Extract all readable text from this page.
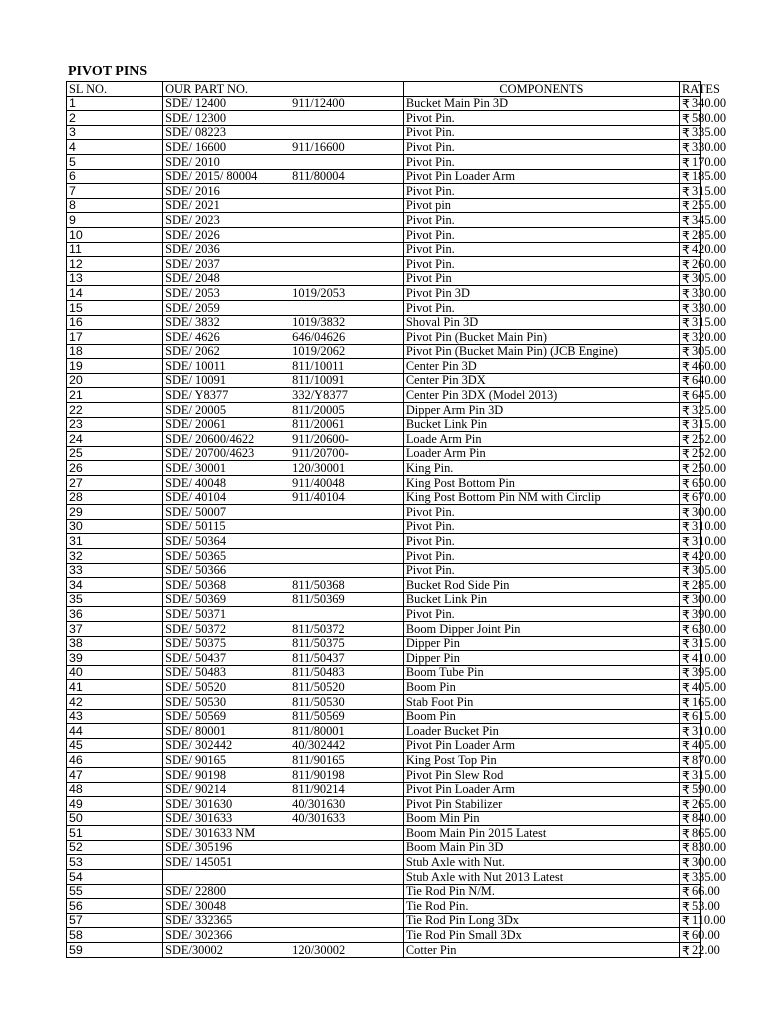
PIVOT PINS
SL NO.	OUR PART NO.		COMPONENTS	RATES	
1	SDE/ 12400	911/12400	Bucket Main Pin 3D	₹	340.00
2	SDE/ 12300		Pivot Pin.	₹	580.00
3	SDE/ 08223		Pivot Pin.	₹	335.00
4	SDE/ 16600	911/16600	Pivot Pin.	₹	330.00
5	SDE/ 2010		Pivot Pin.	₹	170.00
6	SDE/ 2015/ 80004	811/80004	Pivot Pin Loader Arm	₹	185.00
7	SDE/ 2016		Pivot Pin.	₹	315.00
8	SDE/ 2021		Pivot pin	₹	255.00
9	SDE/ 2023		Pivot Pin.	₹	345.00
10	SDE/ 2026		Pivot Pin.	₹	285.00
11	SDE/ 2036		Pivot Pin.	₹	420.00
12	SDE/ 2037		Pivot Pin.	₹	260.00
13	SDE/ 2048		Pivot Pin	₹	305.00
14	SDE/ 2053	1019/2053	Pivot Pin 3D	₹	330.00
15	SDE/ 2059		Pivot Pin.	₹	330.00
16	SDE/ 3832	1019/3832	Shoval Pin 3D	₹	315.00
17	SDE/ 4626	646/04626	Pivot Pin (Bucket Main Pin)	₹	320.00
18	SDE/ 2062	1019/2062	Pivot Pin (Bucket Main Pin) (JCB Engine)	₹	305.00
19	SDE/ 10011	811/10011	Center Pin 3D	₹	460.00
20	SDE/ 10091	811/10091	Center Pin 3DX	₹	640.00
21	SDE/ Y8377	332/Y8377	Center Pin 3DX (Model 2013)	₹	645.00
22	SDE/ 20005	811/20005	Dipper Arm Pin 3D	₹	325.00
23	SDE/ 20061	811/20061	Bucket Link Pin	₹	315.00
24	SDE/ 20600/4622	911/20600-	Loade Arm Pin	₹	252.00
25	SDE/ 20700/4623	911/20700-	Loader Arm Pin	₹	252.00
26	SDE/ 30001	120/30001	King Pin.	₹	250.00
27	SDE/ 40048	911/40048	King Post Bottom Pin	₹	650.00
28	SDE/ 40104	911/40104	King Post Bottom Pin NM with Circlip	₹	670.00
29	SDE/ 50007		Pivot Pin.	₹	300.00
30	SDE/ 50115		Pivot Pin.	₹	310.00
31	SDE/ 50364		Pivot Pin.	₹	310.00
32	SDE/ 50365		Pivot Pin.	₹	420.00
33	SDE/ 50366		Pivot Pin.	₹	305.00
34	SDE/ 50368	811/50368	Bucket Rod Side Pin	₹	285.00
35	SDE/ 50369	811/50369	Bucket Link Pin	₹	300.00
36	SDE/ 50371		Pivot Pin.	₹	390.00
37	SDE/ 50372	811/50372	Boom Dipper Joint Pin	₹	630.00
38	SDE/ 50375	811/50375	Dipper Pin	₹	315.00
39	SDE/ 50437	811/50437	Dipper Pin	₹	410.00
40	SDE/ 50483	811/50483	Boom Tube Pin	₹	395.00
41	SDE/ 50520	811/50520	Boom Pin	₹	405.00
42	SDE/ 50530	811/50530	Stab Foot Pin	₹	165.00
43	SDE/ 50569	811/50569	Boom Pin	₹	615.00
44	SDE/ 80001	811/80001	Loader Bucket Pin	₹	310.00
45	SDE/ 302442	40/302442	Pivot Pin Loader Arm	₹	405.00
46	SDE/ 90165	811/90165	King Post Top Pin	₹	870.00
47	SDE/ 90198	811/90198	Pivot Pin Slew Rod	₹	315.00
48	SDE/ 90214	811/90214	Pivot Pin Loader Arm	₹	590.00
49	SDE/ 301630	40/301630	Pivot Pin Stabilizer	₹	265.00
50	SDE/ 301633	40/301633	Boom Min Pin	₹	840.00
51	SDE/ 301633 NM		Boom Main Pin 2015 Latest	₹	865.00
52	SDE/ 305196		Boom Main Pin 3D	₹	830.00
53	SDE/ 145051		Stub Axle with Nut.	₹	300.00
54			Stub Axle with Nut 2013 Latest	₹	335.00
55	SDE/ 22800		Tie Rod Pin N/M.	₹	66.00
56	SDE/ 30048		Tie Rod Pin.	₹	53.00
57	SDE/ 332365		Tie Rod Pin Long 3Dx	₹	110.00
58	SDE/ 302366		Tie Rod Pin Small 3Dx	₹	60.00
59	SDE/30002	120/30002	Cotter Pin	₹	22.00
